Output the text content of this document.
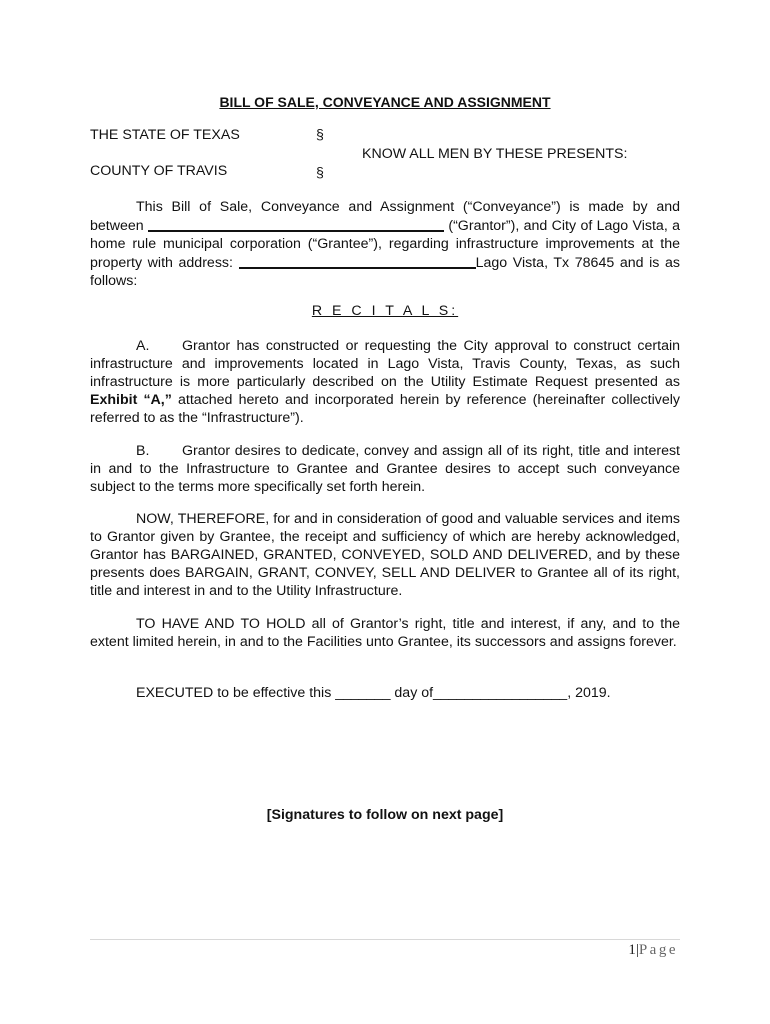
BILL OF SALE, CONVEYANCE AND ASSIGNMENT
THE STATE OF TEXAS	§
KNOW ALL MEN BY THESE PRESENTS:
COUNTY OF TRAVIS	§
This Bill of Sale, Conveyance and Assignment (“Conveyance”) is made by and between	(“Grantor”), and City of Lago Vista, a home rule municipal corporation (“Grantee”), regarding infrastructure improvements at the property with address:	Lago Vista, Tx 78645 and is as follows:
R E C I T A L S:
A. Grantor has constructed or requesting the City approval to construct certain infrastructure and improvements located in Lago Vista, Travis County, Texas, as such infrastructure is more particularly described on the Utility Estimate Request presented as Exhibit “A,” attached hereto and incorporated herein by reference (hereinafter collectively referred to as the “Infrastructure”).
B. Grantor desires to dedicate, convey and assign all of its right, title and interest in and to the Infrastructure to Grantee and Grantee desires to accept such conveyance subject to the terms more specifically set forth herein.
NOW, THEREFORE, for and in consideration of good and valuable services and items to Grantor given by Grantee, the receipt and sufficiency of which are hereby acknowledged, Grantor has BARGAINED, GRANTED, CONVEYED, SOLD AND DELIVERED, and by these presents does BARGAIN, GRANT, CONVEY, SELL AND DELIVER to Grantee all of its right, title and interest in and to the Utility Infrastructure.
TO HAVE AND TO HOLD all of Grantor’s right, title and interest, if any, and to the extent limited herein, in and to the Facilities unto Grantee, its successors and assigns forever.
EXECUTED to be effective this _______ day of_________________, 2019.
[Signatures to follow on next page]
1|Page
